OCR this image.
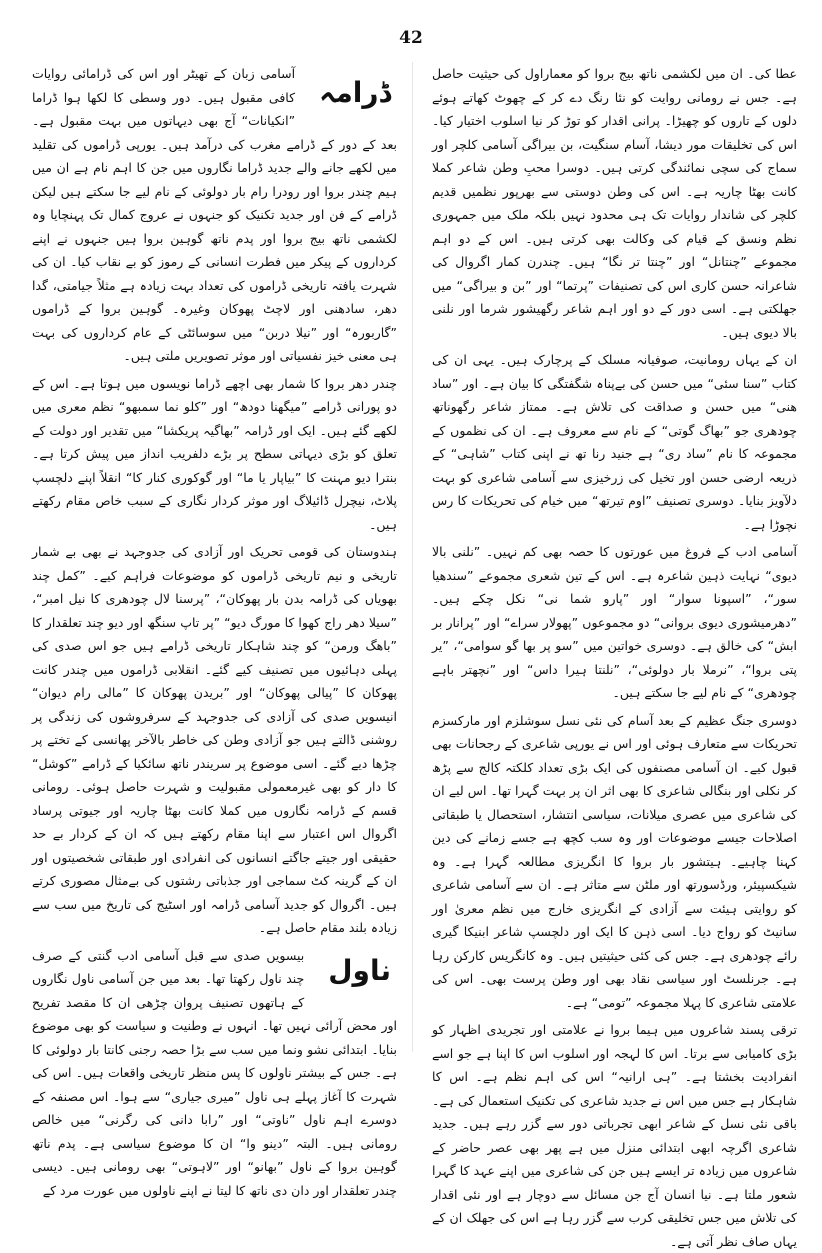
42

عطا کی۔ ان میں لکشمی ناتھ بیج بروا کو معماراول کی حیثیت حاصل ہے۔ جس نے رومانی روایت کو نئا رنگ دے کر کے چھوٹ کھاتے ہوئے دلوں کے تاروں کو چھیڑا۔ پرانی اقدار کو توڑ کر نیا اسلوب اختیار کیا۔ اس کی تخلیقات مور دیشا، آسام سنگیت، بن بیراگی آسامی کلچر اور سماج کی سچی نمائندگی کرتی ہیں۔ دوسرا محبِ وطن شاعر کملا کانت بھٹا چاریہ ہے۔ اس کی وطن دوستی سے بھرپور نظمیں قدیم کلچر کی شاندار روایات تک ہی محدود نہیں بلکہ ملک میں جمہوری نظم ونسق کے قیام کی وکالت بھی کرتی ہیں۔ اس کے دو اہم مجموعے ”چنتانل“ اور ”چنتا تر نگا“ ہیں۔ چندرن کمار اگروال کی شاعرانہ حسن کاری اس کی تصنیفات ”پرتما“ اور ”بن و بیراگی“ میں جھلکتی ہے۔ اسی دور کے دو اور اہم شاعر رگھیشور شرما اور نلنی بالا دیوی ہیں۔

ان کے یہاں رومانیت، صوفیانہ مسلک کے پرچارک ہیں۔ یہی ان کی کتاب ”سنا سئی“ میں حسن کی بےپناہ شگفتگی کا بیان ہے۔ اور ”ساد ھنی“ میں حسن و صداقت کی تلاش ہے۔ ممتاز شاعر رگھوناتھ چودھری جو ”بھاگ گوتی“ کے نام سے معروف ہے۔ ان کی نظموں کے مجموعہ کا نام ”ساد ری“ ہے جنید رنا تھ نے اپنی کتاب ”شاہی“ کے ذریعہ ارضی حسن اور تخیل کی زرخیزی سے آسامی شاعری کو بہت دلآویز بنایا۔ دوسری تصنیف ”اوم تیرتھ“ میں خیام کی تحریکات کا رس نچوڑا ہے۔

آسامی ادب کے فروغ میں عورتوں کا حصہ بھی کم نہیں۔ ”نلنی بالا دیوی“ نہایت ذہین شاعرہ ہے۔ اس کے تین شعری مجموعے ”سندھیا سور“، ”اسپونا سوار“ اور ”پارو شما نی“ نکل چکے ہیں۔ ”دھرمیشوری دیوی بروانی“ دو مجموعوں ”پھولار سراے“ اور ”پرانار بر ابش“ کی خالق ہے۔ دوسری خواتین میں ”سو پر بھا گو سوامی“، ”یر پتی بروا“، ”نرملا بار دولوئی“، ”نلنتا ہیرا داس“ اور ”نچھتر باہے چودھری“ کے نام لیے جا سکتے ہیں۔

دوسری جنگ عظیم کے بعد آسام کی نئی نسل سوشلزم اور مارکسزم تحریکات سے متعارف ہوئی اور اس نے یورپی شاعری کے رجحانات بھی قبول کیے۔ ان آسامی مصنفوں کی ایک بڑی تعداد کلکتہ کالج سے پڑھ کر نکلی اور بنگالی شاعری کا بھی اثر ان پر بہت گہرا تھا۔ اس لیے ان کی شاعری میں عصری میلانات، سیاسی انتشار، استحصال یا طبقاتی اصلاحات جیسے موضوعات اور وہ سب کچھ ہے جسے زمانے کی دین کہنا چاہیے۔ ہیتشور بار بروا کا انگریزی مطالعہ گہرا ہے۔ وہ شیکسپیئر، ورڈسورتھ اور ملٹن سے متاثر ہے۔ ان سے آسامی شاعری کو روایتی ہیئت سے آزادی کے انگریزی خارج میں نظم معریٰ اور سانیٹ کو رواج دیا۔ اسی ذہن کا ایک اور دلچسپ شاعر ابنیکا گیری رائے چودھری ہے۔ جس کی کئی حیثیتیں ہیں۔ وہ کانگریس کارکن رہا ہے۔ جرنلسٹ اور سیاسی نقاد بھی اور وطن پرست بھی۔ اس کی علامتی شاعری کا پہلا مجموعہ ”تومی“ ہے۔

ترقی پسند شاعروں میں ہیما بروا نے علامتی اور تجریدی اظہار کو بڑی کامیابی سے برتا۔ اس کا لہجہ اور اسلوب اس کا اپنا ہے جو اسے انفرادیت بخشتا ہے۔ ”ہی ارانیہ“ اس کی اہم نظم ہے۔ اس کا شاہکار ہے جس میں اس نے جدید شاعری کی تکنیک استعمال کی ہے۔ باقی نئی نسل کے شاعر ابھی تجرباتی دور سے گزر رہے ہیں۔ جدید شاعری اگرچہ ابھی ابتدائی منزل میں ہے پھر بھی عصر حاضر کے شاعروں میں زیادہ تر ایسے ہیں جن کی شاعری میں اپنے عہد کا گہرا شعور ملتا ہے۔ نیا انسان آج جن مسائل سے دوچار ہے اور نئی اقدار کی تلاش میں جس تخلیقی کرب سے گزر رہا ہے اس کی جھلک ان کے یہاں صاف نظر آتی ہے۔

ڈرامہ

آسامی زبان کے تھیٹر اور اس کی ڈرامائی روایات کافی مقبول ہیں۔ دور وسطی کا لکھا ہوا ڈراما ”انکیانات“ آج بھی دیہاتوں میں بہت مقبول ہے۔ بعد کے دور کے ڈرامے مغرب کی درآمد ہیں۔ یورپی ڈراموں کی تقلید میں لکھے جانے والے جدید ڈراما نگاروں میں جن کا اہم نام ہے ان میں ہیم چندر بروا اور رودرا رام بار دولوئی کے نام لیے جا سکتے ہیں لیکن ڈرامے کے فن اور جدید تکنیک کو جنہوں نے عروج کمال تک پہنچایا وہ لکشمی ناتھ بیج بروا اور پدم ناتھ گوہین بروا ہیں جنہوں نے اپنے کرداروں کے پیکر میں فطرت انسانی کے رموز کو بے نقاب کیا۔ ان کی شہرت یافتہ تاریخی ڈراموں کی تعداد بہت زیادہ ہے مثلاً جیامتی، گدا دھر، سادھنی اور لاچٹ پھوکان وغیرہ۔ گوہین بروا کے ڈراموں ”گاربورہ“ اور ”نیلا دربن“ میں سوسائٹی کے عام کرداروں کی بہت ہی معنی خیز نفسیاتی اور موثر تصویریں ملتی ہیں۔

چندر دھر بروا کا شمار بھی اچھے ڈراما نویسوں میں ہوتا ہے۔ اس کے دو پورانی ڈرامے ”میگھنا دودھ“ اور ”کلو نما سمبھو“ نظم معری میں لکھے گئے ہیں۔ ایک اور ڈرامہ ”بھاگیہ پریکشا“ میں تقدیر اور دولت کے تعلق کو بڑی دیہاتی سطح پر بڑے دلفریب انداز میں پیش کرتا ہے۔ بنترا دیو مہنت کا ”بیاپار یا ما“ اور گوکوری کنار کا“ انقلاً اپنے دلچسپ پلاٹ، نیچرل ڈائیلاگ اور موثر کردار نگاری کے سبب خاص مقام رکھتے ہیں۔

ہندوستان کی قومی تحریک اور آزادی کی جدوجہد نے بھی بے شمار تاریخی و نیم تاریخی ڈراموں کو موضوعات فراہم کیے۔ ”کمل چند بھویاں کی ڈرامہ بدن بار پھوکان“، ”پرسنا لال چودھری کا نیل امبر“، ”سیلا دھر راج کھوا کا مورگ دیو“ ”پر تاپ سنگھ اور دیو چند تعلقدار کا ”باھگ ورمن“ کو چند شاہکار تاریخی ڈرامے ہیں جو اس صدی کی پہلی دہائیوں میں تصنیف کیے گئے۔ انقلابی ڈراموں میں چندر کانت پھوکان کا ”پیالی پھوکان“ اور ”بریدن پھوکان کا ”مالی رام دیوان“ انیسویں صدی کی آزادی کی جدوجہد کے سرفروشوں کی زندگی پر روشنی ڈالتے ہیں جو آزادی وطن کی خاطر بالآخر پھانسی کے تختے پر چڑھا دیے گئے۔ اسی موضوع پر سریندر ناتھ سائکیا کے ڈرامے ”کوشل“ کا دار کو بھی غیرمعمولی مقبولیت و شہرت حاصل ہوئی۔ رومانی قسم کے ڈرامہ نگاروں میں کملا کانت بھٹا چاریہ اور جیوتی پرساد اگروال اس اعتبار سے اپنا مقام رکھتے ہیں کہ ان کے کردار بے حد حقیقی اور جیتے جاگتے انسانوں کی انفرادی اور طبقاتی شخصیتوں اور ان کے گرینہ کٹ سماجی اور جذباتی رشتوں کی بےمثال مصوری کرتے ہیں۔ اگروال کو جدید آسامی ڈرامہ اور اسٹیج کی تاریخ میں سب سے زیادہ بلند مقام حاصل ہے۔

ناول

بیسویں صدی سے قبل آسامی ادب گنتی کے صرف چند ناول رکھتا تھا۔ بعد میں جن آسامی ناول نگاروں کے ہاتھوں تصنیف پروان چڑھی ان کا مقصد تفریح اور محض آرائی نہیں تھا۔ انہوں نے وطنیت و سیاست کو بھی موضوع بنایا۔ ابتدائی نشو ونما میں سب سے بڑا حصہ رجنی کانتا بار دولوئی کا ہے۔ جس کے بیشتر ناولوں کا پس منظر تاریخی واقعات ہیں۔ اس کی شہرت کا آغاز پہلے ہی ناول ”میری جیاری“ سے ہوا۔ اس مصنفہ کے دوسرے اہم ناول ”ناوتی“ اور ”رابا دانی کی رگرنی“ میں خالص رومانی ہیں۔ البتہ ”دینو وا“ ان کا موضوع سیاسی ہے۔ پدم ناتھ گوہین بروا کے ناول ”بھانو“ اور ”لاہوتی“ بھی رومانی ہیں۔ دیسی چندر تعلقدار اور دان دی ناتھ کا لیتا نے اپنے ناولوں میں عورت مرد کے
